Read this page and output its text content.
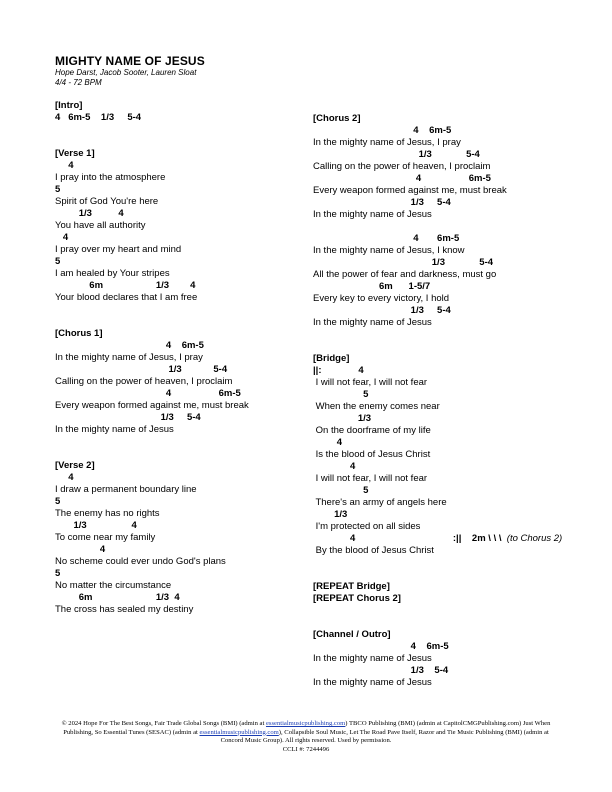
MIGHTY NAME OF JESUS
Hope Darst, Jacob Sooter, Lauren Sloat
4/4 - 72 BPM
[Intro]
4   6m-5    1/3     5-4
[Verse 1]
4
I pray into the atmosphere
5
Spirit of God You're here
1/3          4
You have all authority
4
I pray over my heart and mind
5
I am healed by Your stripes
6m                    1/3        4
Your blood declares that I am free
[Chorus 1]
4    6m-5
In the mighty name of Jesus, I pray
1/3            5-4
Calling on the power of heaven, I proclaim
4                  6m-5
Every weapon formed against me, must break
1/3     5-4
In the mighty name of Jesus
[Verse 2]
4
I draw a permanent boundary line
5
The enemy has no rights
1/3                 4
To come near my family
4
No scheme could ever undo God's plans
5
No matter the circumstance
6m                        1/3  4
The cross has sealed my destiny
[Chorus 2]
4    6m-5
In the mighty name of Jesus, I pray
1/3             5-4
Calling on the power of heaven, I proclaim
4                  6m-5
Every weapon formed against me, must break
1/3     5-4
In the mighty name of Jesus
4       6m-5
In the mighty name of Jesus, I know
1/3             5-4
All the power of fear and darkness, must go
6m      1-5/7
Every key to every victory, I hold
1/3     5-4
In the mighty name of Jesus
[Bridge]
||:              4
I will not fear, I will not fear
5
When the enemy comes near
1/3
On the doorframe of my life
4
Is the blood of Jesus Christ
4
I will not fear, I will not fear
5
There's an army of angels here
1/3
I'm protected on all sides
4                                     :||    2m \ \ \  (to Chorus 2)
By the blood of Jesus Christ
[REPEAT Bridge]
[REPEAT Chorus 2]
[Channel / Outro]
4    6m-5
In the mighty name of Jesus
1/3    5-4
In the mighty name of Jesus
© 2024 Hope For The Best Songs, Fair Trade Global Songs (BMI) (admin at essentialmusicpublishing.com) TBCO Publishing (BMI) (admin at CapitolCMGPublishing.com) Just When Publishing, So Essential Tunes (SESAC) (admin at essentialmusicpublishing.com), Collapsible Soul Music, Let The Road Pave Itself, Razor and Tie Music Publishing (BMI) (admin at Concord Music Group). All rights reserved. Used by permission.
CCLI #: 7244496
